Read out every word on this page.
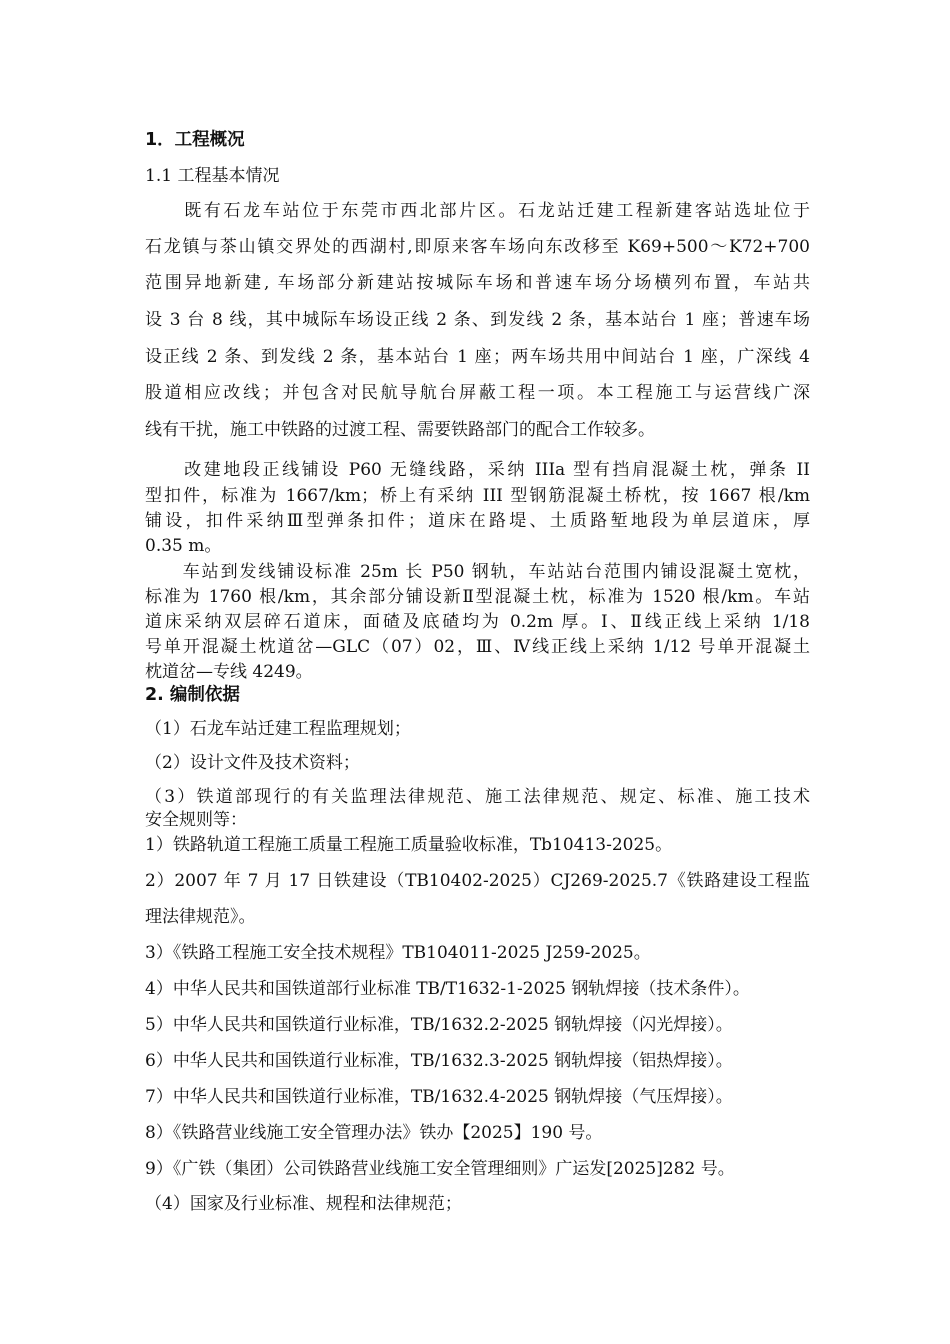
1．工程概况
1.1 工程基本情况
　　既有石龙车站位于东莞市西北部片区。石龙站迁建工程新建客站选址位于
石龙镇与茶山镇交界处的西湖村,即原来客车场向东改移至 K69+500～K72+700
范围异地新建, 车场部分新建站按城际车场和普速车场分场横列布置，车站共
设 3 台 8 线，其中城际车场设正线 2 条、到发线 2 条，基本站台 1 座；普速车场
设正线 2 条、到发线 2 条，基本站台 1 座；两车场共用中间站台 1 座，广深线 4
股道相应改线；并包含对民航导航台屏蔽工程一项。本工程施工与运营线广深
线有干扰，施工中铁路的过渡工程、需要铁路部门的配合工作较多。
　　改建地段正线铺设 P60 无缝线路，采纳 IIIa 型有挡肩混凝土枕，弹条 II
型扣件，标准为 1667/km；桥上有采纳 III 型钢筋混凝土桥枕，按 1667 根/km
铺设，扣件采纳Ⅲ型弹条扣件；道床在路堤、土质路堑地段为单层道床，厚
0.35 m。
　　车站到发线铺设标准 25m 长 P50 钢轨，车站站台范围内铺设混凝土宽枕，
标准为 1760 根/km，其余部分铺设新Ⅱ型混凝土枕，标准为 1520 根/km。车站
道床采纳双层碎石道床，面碴及底碴均为 0.2m 厚。Ⅰ、Ⅱ线正线上采纳 1/18
号单开混凝土枕道岔—GLC（07）02，Ⅲ、Ⅳ线正线上采纳 1/12 号单开混凝土
枕道岔—专线 4249。
2. 编制依据
（1）石龙车站迁建工程监理规划；
（2）设计文件及技术资料；
（3）铁道部现行的有关监理法律规范、施工法律规范、规定、标准、施工技术
安全规则等：
1）铁路轨道工程施工质量工程施工质量验收标准，Tb10413-2025。
2）2007 年 7 月 17 日铁建设（TB10402-2025）CJ269-2025.7《铁路建设工程监
理法律规范》。
3）《铁路工程施工安全技术规程》TB104011-2025 J259-2025。
4）中华人民共和国铁道部行业标准 TB/T1632-1-2025 钢轨焊接（技术条件）。
5）中华人民共和国铁道行业标准，TB/1632.2-2025 钢轨焊接（闪光焊接）。
6）中华人民共和国铁道行业标准，TB/1632.3-2025 钢轨焊接（铝热焊接）。
7）中华人民共和国铁道行业标准，TB/1632.4-2025 钢轨焊接（气压焊接）。
8）《铁路营业线施工安全管理办法》铁办【2025】190 号。
9）《广铁（集团）公司铁路营业线施工安全管理细则》广运发[2025]282 号。
（4）国家及行业标准、规程和法律规范；
